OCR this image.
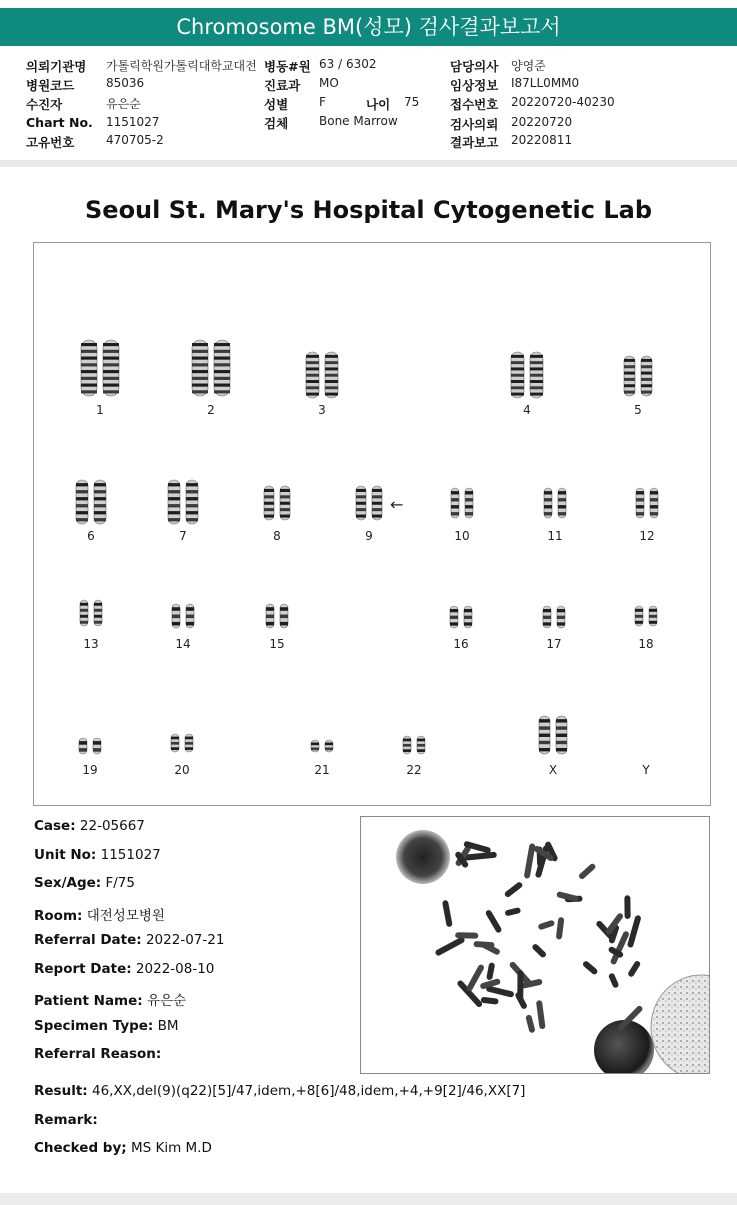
Chromosome BM(성모) 검사결과보고서
의뢰기관명 가톨릭학원가톨릭대학교대전
병원코드	85036
수진자	유은순
Chart No. 1151027
고유번호	470705-2
병동#원 63 / 6302
진료과 MO
성별	F	나이 75
검체	Bone Marrow
담당의사 양영준
임상정보 I87LL0MM0
접수번호 20220720-40230
검사의뢰 20220720
결과보고 20220811
Seoul St. Mary's Hospital Cytogenetic Lab
←
1	2	3	4	5
6	7	8	9	10	11	12
13	14	15	16	17	18
19	20	21	22	X	Y
Case: 22-05667
Unit No: 1151027
Sex/Age: F/75
Room: 대전성모병원
Referral Date: 2022-07-21
Report Date: 2022-08-10
Patient Name: 유은순
Specimen Type: BM
Referral Reason:
Result: 46,XX,del(9)(q22)[5]/47,idem,+8[6]/48,idem,+4,+9[2]/46,XX[7]
Remark:
Checked by; MS Kim M.D
